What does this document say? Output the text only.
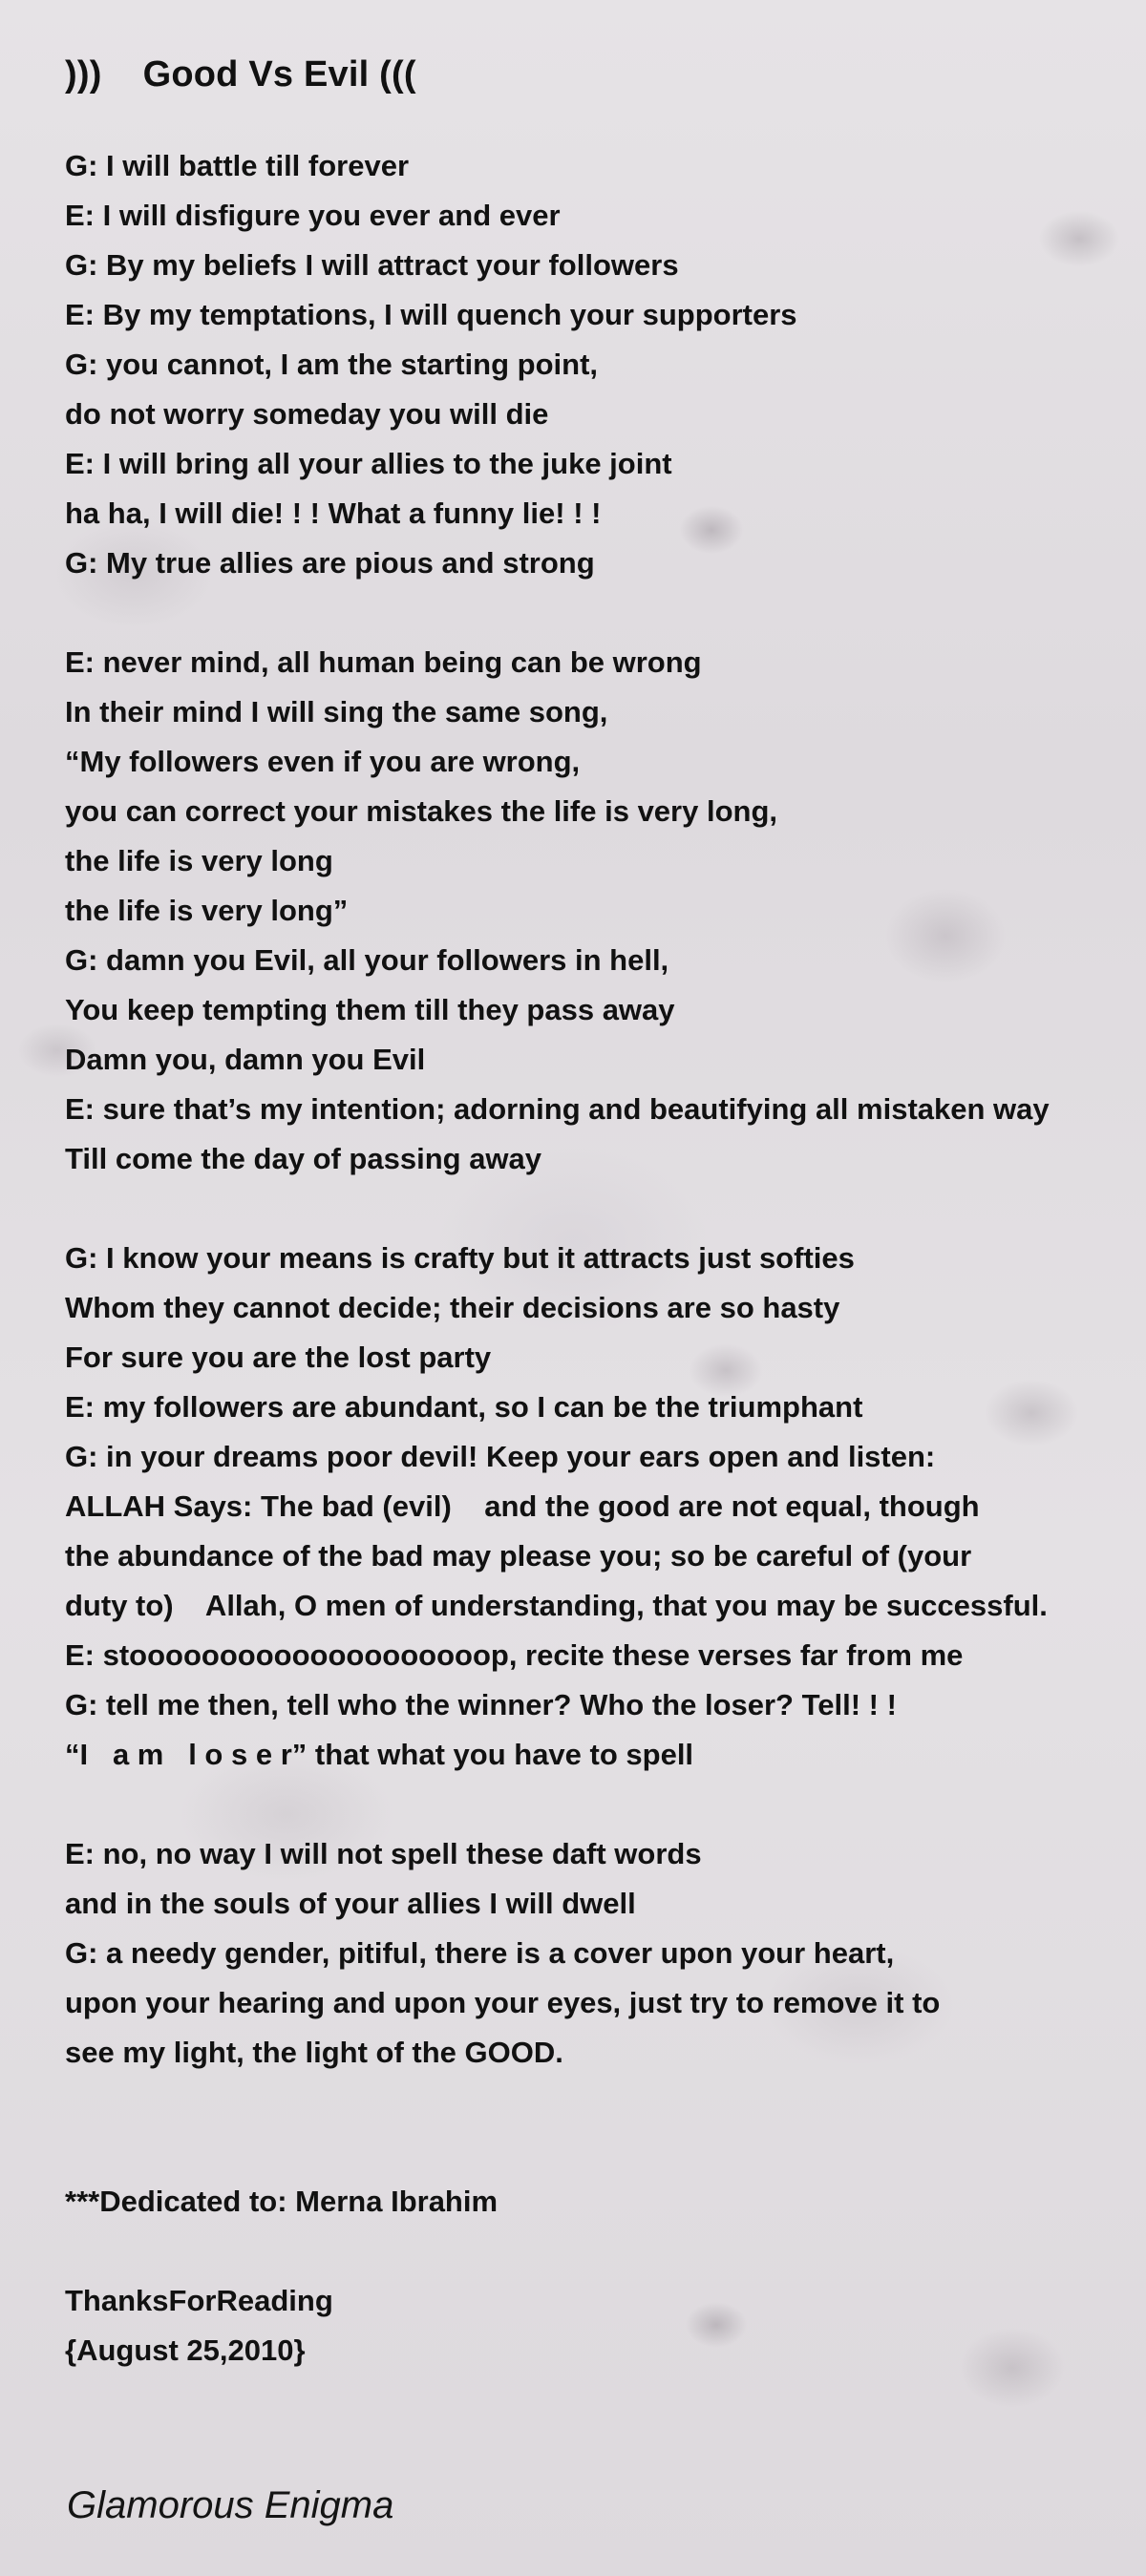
)))    Good Vs Evil (((
G: I will battle till forever
E: I will disfigure you ever and ever
G: By my beliefs I will attract your followers
E: By my temptations, I will quench your supporters
G: you cannot, I am the starting point,
do not worry someday you will die
E: I will bring all your allies to the juke joint
ha ha, I will die! ! ! What a funny lie! ! !
G: My true allies are pious and strong
E: never mind, all human being can be wrong
In their mind I will sing the same song,
“My followers even if you are wrong,
you can correct your mistakes the life is very long,
the life is very long
the life is very long”
G: damn you Evil, all your followers in hell,
You keep tempting them till they pass away
Damn you, damn you Evil
E: sure that’s my intention; adorning and beautifying all mistaken way
Till come the day of passing away
G: I know your means is crafty but it attracts just softies
Whom they cannot decide; their decisions are so hasty
For sure you are the lost party
E: my followers are abundant, so I can be the triumphant
G: in your dreams poor devil! Keep your ears open and listen:
ALLAH Says: The bad (evil)    and the good are not equal, though
the abundance of the bad may please you; so be careful of (your
duty to)    Allah, O men of understanding, that you may be successful.
E: stoooooooooooooooooooop, recite these verses far from me
G: tell me then, tell who the winner? Who the loser? Tell! ! !
“I   a m   l o s e r” that what you have to spell
E: no, no way I will not spell these daft words
and in the souls of your allies I will dwell
G: a needy gender, pitiful, there is a cover upon your heart,
upon your hearing and upon your eyes, just try to remove it to
see my light, the light of the GOOD.

***Dedicated to: Merna Ibrahim

ThanksForReading

{August 25,2010}

Glamorous Enigma
